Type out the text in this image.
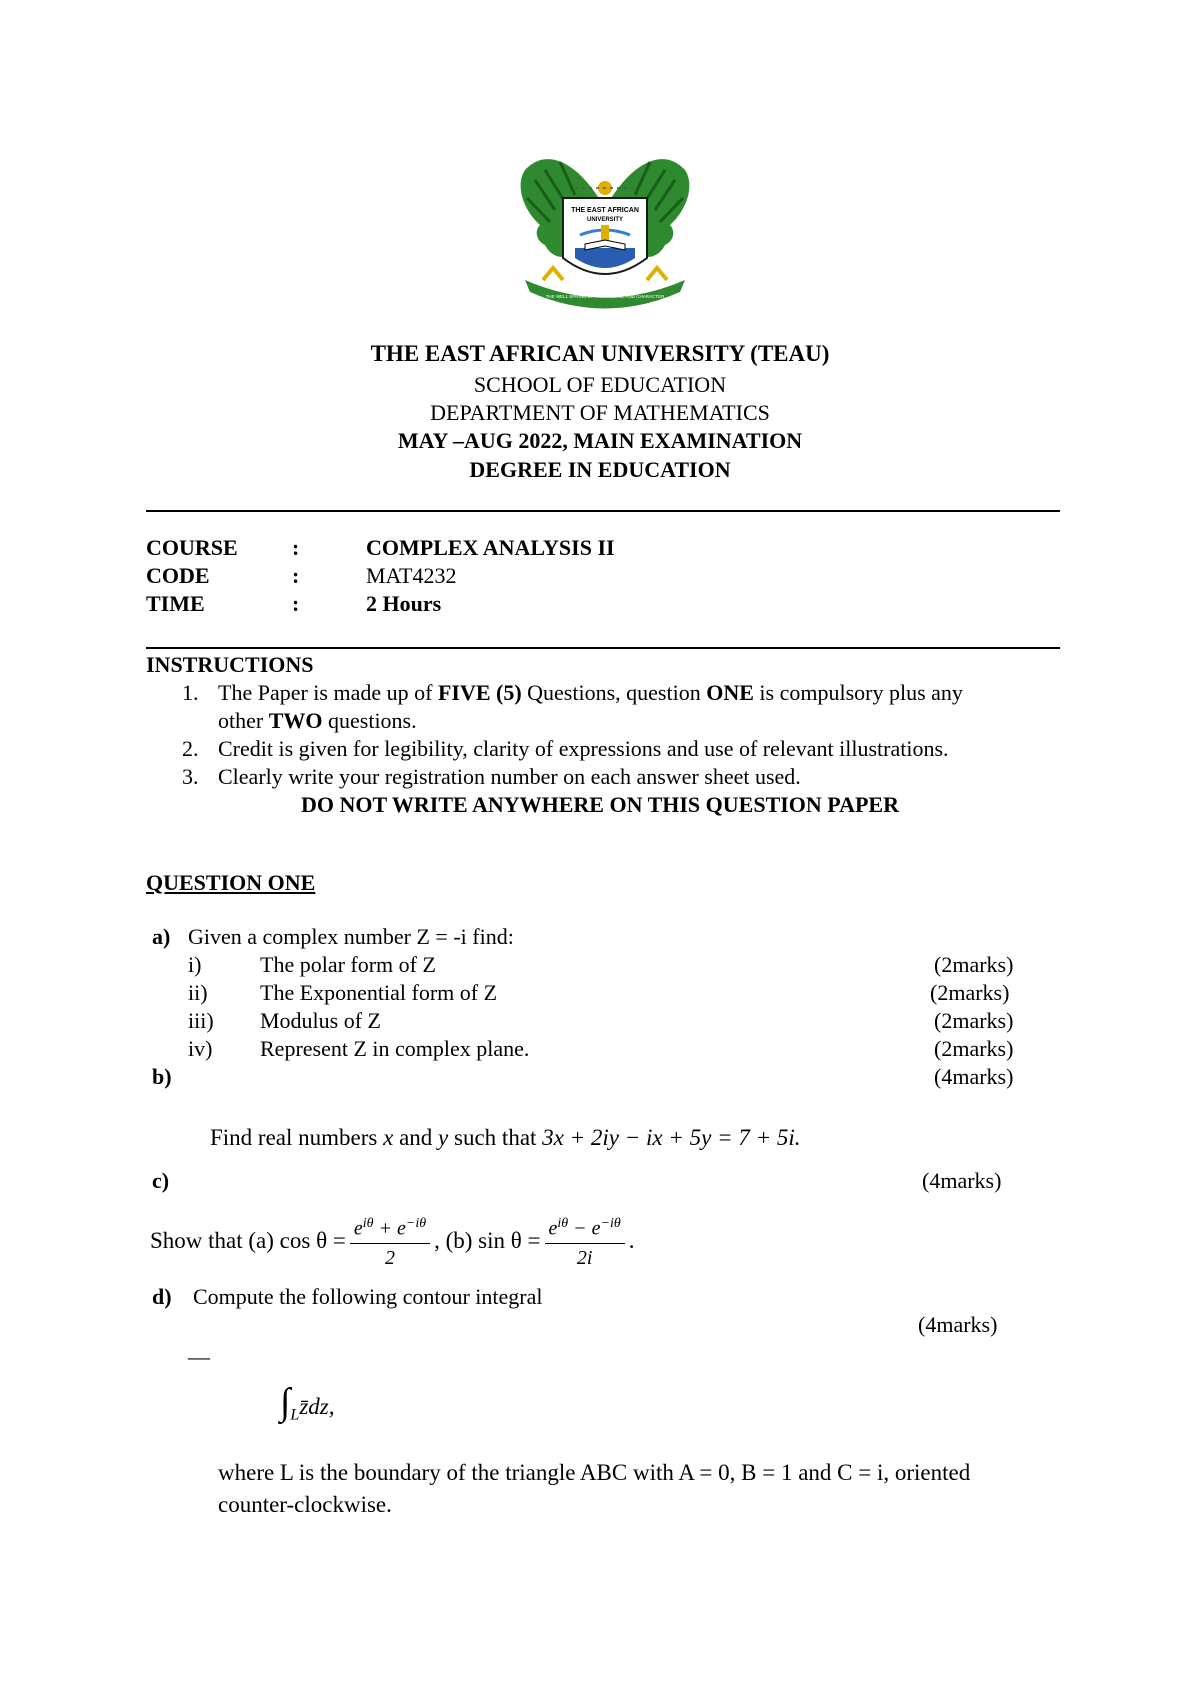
THE EAST AFRICAN
UNIVERSITY
THE WELL SPRING OF KNOWLEDGE AND CHARACTER
THE EAST AFRICAN UNIVERSITY (TEAU)
SCHOOL OF EDUCATION
DEPARTMENT OF MATHEMATICS
MAY –AUG 2022, MAIN EXAMINATION
DEGREE IN EDUCATION
COURSE :	COMPLEX ANALYSIS II
CODE	:	MAT4232
TIME	:	2 Hours
INSTRUCTIONS
1. The Paper is made up of FIVE (5) Questions, question ONE is compulsory plus any
other TWO questions.
2. Credit is given for legibility, clarity of expressions and use of relevant illustrations.
3. Clearly write your registration number on each answer sheet used.
DO NOT WRITE ANYWHERE ON THIS QUESTION PAPER
QUESTION ONE
a) Given a complex number Z = -i find:
i)	The polar form of Z	(2marks)
ii) The Exponential form of Z	(2marks)
iii) Modulus of Z	(2marks)
iv) Represent Z in complex plane.	(2marks)
b)	(4marks)
Find real numbers x and y such that 3x + 2iy − ix + 5y = 7 + 5i.
c)	(4marks)
Show that (a) $\cos \theta = \frac{e^{i\theta} + e^{-i\theta}}{2}$ , (b) $\sin \theta = \frac{e^{i\theta} - e^{-i\theta}}{2i}$ .
d) Compute the following contour integral
(4marks)
—
$\int_Lz̄dz$,
where L is the boundary of the triangle ABC with A = 0, B = 1 and C = i, oriented
counter-clockwise.
